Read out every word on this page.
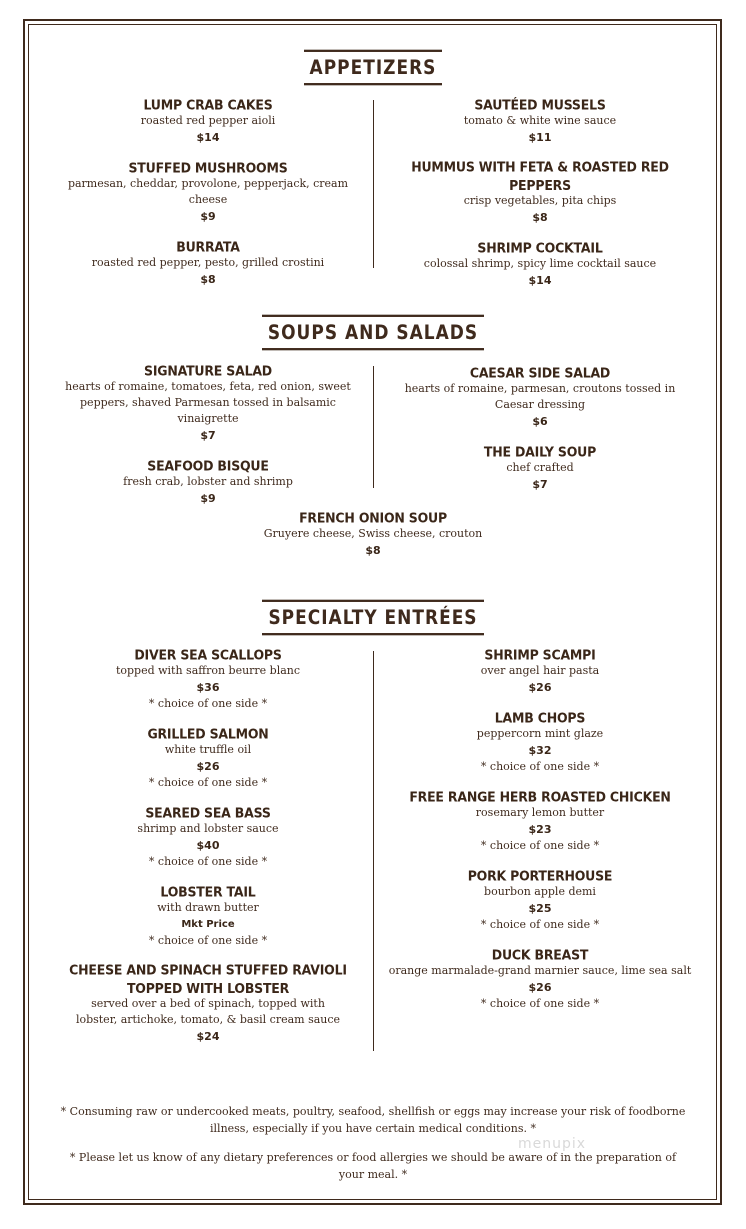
APPETIZERS
LUMP CRAB CAKES
roasted red pepper aioli
$14
STUFFED MUSHROOMS
parmesan, cheddar, provolone, pepperjack, cream cheese
$9
BURRATA
roasted red pepper, pesto, grilled crostini
$8
SAUTÉED MUSSELS
tomato & white wine sauce
$11
HUMMUS WITH FETA & ROASTED RED PEPPERS
crisp vegetables, pita chips
$8
SHRIMP COCKTAIL
colossal shrimp, spicy lime cocktail sauce
$14
SOUPS AND SALADS
SIGNATURE SALAD
hearts of romaine, tomatoes, feta, red onion, sweet peppers, shaved Parmesan tossed in balsamic vinaigrette
$7
SEAFOOD BISQUE
fresh crab, lobster and shrimp
$9
CAESAR SIDE SALAD
hearts of romaine, parmesan, croutons tossed in Caesar dressing
$6
THE DAILY SOUP
chef crafted
$7
FRENCH ONION SOUP
Gruyere cheese, Swiss cheese, crouton
$8
SPECIALTY ENTRÉES
DIVER SEA SCALLOPS
topped with saffron beurre blanc
$36
* choice of one side *
GRILLED SALMON
white truffle oil
$26
* choice of one side *
SEARED SEA BASS
shrimp and lobster sauce
$40
* choice of one side *
LOBSTER TAIL
with drawn butter
Mkt Price
* choice of one side *
CHEESE AND SPINACH STUFFED RAVIOLI TOPPED WITH LOBSTER
served over a bed of spinach, topped with lobster, artichoke, tomato, & basil cream sauce
$24
SHRIMP SCAMPI
over angel hair pasta
$26
LAMB CHOPS
peppercorn mint glaze
$32
* choice of one side *
FREE RANGE HERB ROASTED CHICKEN
rosemary lemon butter
$23
* choice of one side *
PORK PORTERHOUSE
bourbon apple demi
$25
* choice of one side *
DUCK BREAST
orange marmalade-grand marnier sauce, lime sea salt
$26
* choice of one side *
* Consuming raw or undercooked meats, poultry, seafood, shellfish or eggs may increase your risk of foodborne illness, especially if you have certain medical conditions. *
* Please let us know of any dietary preferences or food allergies we should be aware of in the preparation of your meal. *
menupix
